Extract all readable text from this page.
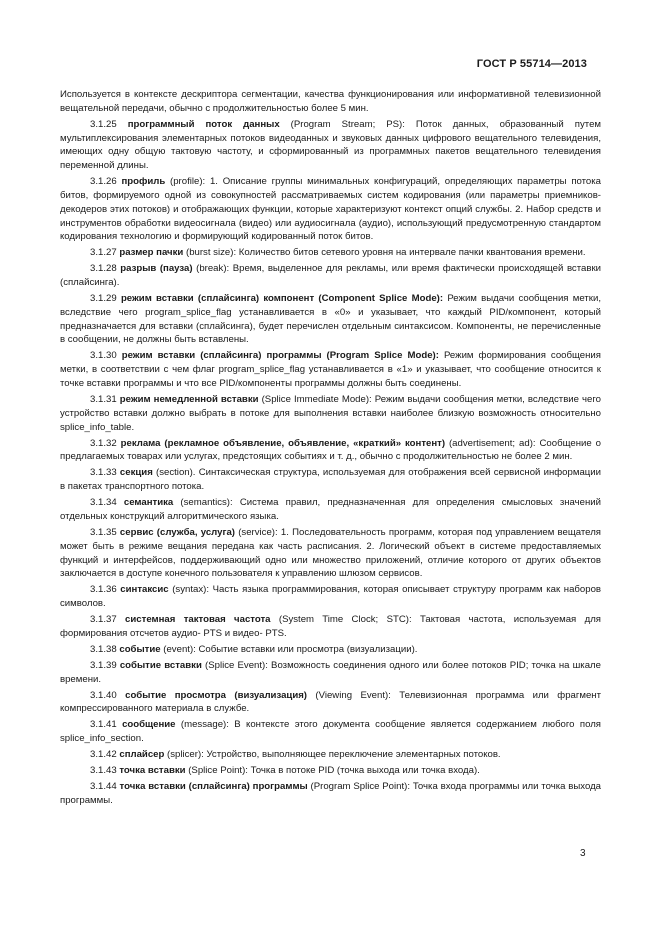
ГОСТ Р 55714—2013

Используется в контексте дескриптора сегментации, качества функционирования или информативной телевизионной вещательной передачи, обычно с продолжительностью более 5 мин.

3.1.25 программный поток данных (Program Stream; PS): Поток данных, образованный путем мультиплексирования элементарных потоков видеоданных и звуковых данных цифрового вещательного телевидения, имеющих одну общую тактовую частоту, и сформированный из программных пакетов вещательного телевидения переменной длины.

3.1.26 профиль (profile): 1. Описание группы минимальных конфигураций, определяющих параметры потока битов, формируемого одной из совокупностей рассматриваемых систем кодирования (или параметры приемников-декодеров этих потоков) и отображающих функции, которые характеризуют контекст опций службы. 2. Набор средств и инструментов обработки видеосигнала (видео) или аудиосигнала (аудио), использующий предусмотренную стандартом кодирования технологию и формирующий кодированный поток битов.

3.1.27 размер пачки (burst size): Количество битов сетевого уровня на интервале пачки квантования времени.

3.1.28 разрыв (пауза) (break): Время, выделенное для рекламы, или время фактически происходящей вставки (сплайсинга).

3.1.29 режим вставки (сплайсинга) компонент (Component Splice Mode): Режим выдачи сообщения метки, вследствие чего program_splice_flag устанавливается в «0» и указывает, что каждый PID/компонент, который предназначается для вставки (сплайсинга), будет перечислен отдельным синтаксисом. Компоненты, не перечисленные в сообщении, не должны быть вставлены.

3.1.30 режим вставки (сплайсинга) программы (Program Splice Mode): Режим формирования сообщения метки, в соответствии с чем флаг program_splice_flag устанавливается в «1» и указывает, что сообщение относится к точке вставки программы и что все PID/компоненты программы должны быть соединены.

3.1.31 режим немедленной вставки (Splice Immediate Mode): Режим выдачи сообщения метки, вследствие чего устройство вставки должно выбрать в потоке для выполнения вставки наиболее близкую возможность относительно splice_info_table.

3.1.32 реклама (рекламное объявление, объявление, «краткий» контент) (advertisement; ad): Сообщение о предлагаемых товарах или услугах, предстоящих событиях и т. д., обычно с продолжительностью не более 2 мин.

3.1.33 секция (section). Синтаксическая структура, используемая для отображения всей сервисной информации в пакетах транспортного потока.

3.1.34 семантика (semantics): Система правил, предназначенная для определения смысловых значений отдельных конструкций алгоритмического языка.

3.1.35 сервис (служба, услуга) (service): 1. Последовательность программ, которая под управлением вещателя может быть в режиме вещания передана как часть расписания. 2. Логический объект в системе предоставляемых функций и интерфейсов, поддерживающий одно или множество приложений, отличие которого от других объектов заключается в доступе конечного пользователя к управлению шлюзом сервисов.

3.1.36 синтаксис (syntax): Часть языка программирования, которая описывает структуру программ как наборов символов.

3.1.37 системная тактовая частота (System Time Clock; STC): Тактовая частота, используемая для формирования отсчетов аудио- PTS и видео- PTS.

3.1.38 событие (event): Событие вставки или просмотра (визуализации).

3.1.39 событие вставки (Splice Event): Возможность соединения одного или более потоков PID; точка на шкале времени.

3.1.40 событие просмотра (визуализация) (Viewing Event): Телевизионная программа или фрагмент компрессированного материала в службе.

3.1.41 сообщение (message): В контексте этого документа сообщение является содержанием любого поля splice_info_section.

3.1.42 сплайсер (splicer): Устройство, выполняющее переключение элементарных потоков.

3.1.43 точка вставки (Splice Point): Точка в потоке PID (точка выхода или точка входа).

3.1.44 точка вставки (сплайсинга) программы (Program Splice Point): Точка входа программы или точка выхода программы.

3
